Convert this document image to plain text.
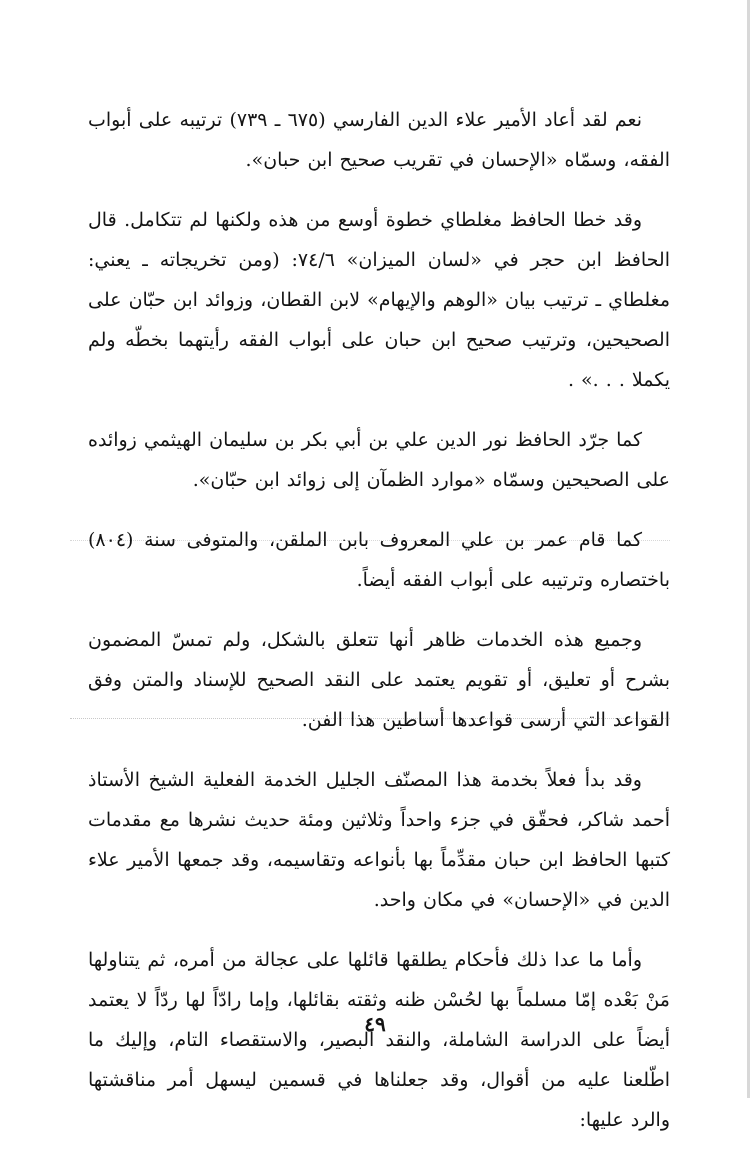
نعم لقد أعاد الأمير علاء الدين الفارسي (٦٧٥ ـ ٧٣٩) ترتيبه على أبواب الفقه، وسمّاه «الإحسان في تقريب صحيح ابن حبان».

وقد خطا الحافظ مغلطاي خطوة أوسع من هذه ولكنها لم تتكامل. قال الحافظ ابن حجر في «لسان الميزان» ٧٤/٦: (ومن تخريجاته ـ يعني: مغلطاي ـ ترتيب بيان «الوهم والإيهام» لابن القطان، وزوائد ابن حبّان على الصحيحين، وترتيب صحيح ابن حبان على أبواب الفقه رأيتهما بخطّه ولم يكملا . . .» .

كما جرّد الحافظ نور الدين علي بن أبي بكر بن سليمان الهيثمي زوائده على الصحيحين وسمّاه «موارد الظمآن إلى زوائد ابن حبّان».

كما قام عمر بن علي المعروف بابن الملقن، والمتوفى سنة (٨٠٤) باختصاره وترتيبه على أبواب الفقه أيضاً.

وجميع هذه الخدمات ظاهر أنها تتعلق بالشكل، ولم تمسّ المضمون بشرح أو تعليق، أو تقويم يعتمد على النقد الصحيح للإسناد والمتن وفق القواعد التي أرسى قواعدها أساطين هذا الفن.

وقد بدأ فعلاً بخدمة هذا المصنّف الجليل الخدمة الفعلية الشيخ الأستاذ أحمد شاكر، فحقّق في جزء واحداً وثلاثين ومئة حديث نشرها مع مقدمات كتبها الحافظ ابن حبان مقدِّماً بها بأنواعه وتقاسيمه، وقد جمعها الأمير علاء الدين في «الإحسان» في مكان واحد.

وأما ما عدا ذلك فأحكام يطلقها قائلها على عجالة من أمره، ثم يتناولها مَنْ بَعْده إمّا مسلماً بها لحُسْن ظنه وثقته بقائلها، وإما رادّاً لها ردّاً لا يعتمد أيضاً على الدراسة الشاملة، والنقد البصير، والاستقصاء التام، وإليك ما اطّلعنا عليه من أقوال، وقد جعلناها في قسمين ليسهل أمر مناقشتها والرد عليها:

٤٩
